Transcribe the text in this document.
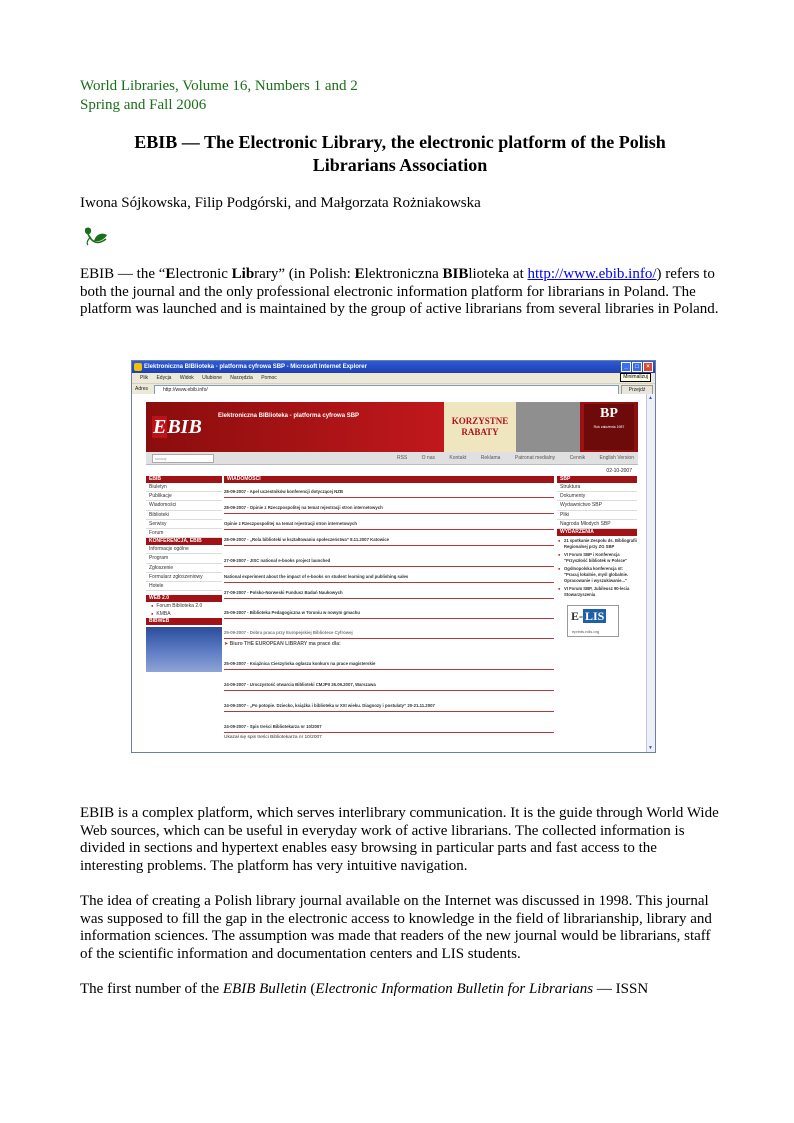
World Libraries, Volume 16, Numbers 1 and 2
Spring and Fall 2006
EBIB — The Electronic Library, the electronic platform of the Polish
Librarians Association
Iwona Sójkowska, Filip Podgórski, and Małgorzata Rożniakowska

EBIB — the “Electronic Library” (in Polish: Elektroniczna BIBlioteka at http://www.ebib.info/) refers to both the journal and the only professional electronic information platform for librarians in Poland. The platform was launched and is maintained by the group of active librarians from several libraries in Poland.

Elektroniczna BIBlioteka - platforma cyfrowa SBP - Microsoft Internet Explorer	_	□	×
Minimalizuj
Plik Edycja Widok Ulubione Narzędzia Pomoc
Adres	http://www.ebib.info/	Przejdź
EBIB	Elektroniczna BIBlioteka - platforma cyfrowa SBP	KORZYSTNE
RABATY
BP
Rok założenia 1987
szukaj	RSS	O nas	Kontakt	Reklama	Patronat medialny	Cennik	English Version
02-10-2007
EBIB
Biuletyn
Publikacje
Wiadomości
Biblioteki
Serwisy
Forum
KONFERENCJA, EBIB
Informacje ogólne
Program
Zgłoszenie
Formularz zgłoszeniowy
Hotele
WEB 2.0
● Forum Biblioteka 2.0
● KMBA
BIBWEB
WIADOMOŚCI
28-09-2007 - Apel uczestników konferencji dotyczącej NZB
28-09-2007 - Opinie z Rzeczpospolitej na temat rejestracji stron internetowych
Opinie z Rzeczpospolitej na temat rejestracji stron internetowych
28-09-2007 - „Rola biblioteki w kształtowaniu społeczeństwa” 8.11.2007 Katowice
27-09-2007 - JISC national e-books project launched
National experiment about the impact of e-books on student learning and publishing sales
27-09-2007 - Polsko-Norweski Fundusz Badań Naukowych
25-09-2007 - Biblioteka Pedagogiczna w Toruniu w nowym gmachu
25-09-2007 - Dobra praca przy Europejskiej Bibliotece Cyfrowej
➤ Biuro THE EUROPEAN LIBRARY ma prace dla:
25-09-2007 - Książnica Cieszyńska ogłasza konkurs na prace magisterskie
24-09-2007 - Uroczystość otwarcia Biblioteki CMJPII 26.09.2007, Warszawa
24-09-2007 - „Po potopie. Dziecko, książka i biblioteka w XXI wieku. Diagnozy i postulaty” 20-21.11.2007
24-09-2007 - Spis treści Bibliotekarza nr 10/2007
Ukazał się spis treści Bibliotekarza nr 10/2007
SBP
Struktura
Dokumenty
Wydawnictwo SBP
Pliki
Nagroda Młodych SBP
WYDARZENIA
● 21 spotkanie Zespołu ds. Bibliografii Regionalnej przy ZG SBP
● VI Forum SBP i Konferencja "Przyszłość bibliotek w Polsce"
● Ogólnopolska konferencja nt: "Pracuj lokalnie, myśl globalnie. Opracowanie i wyszukiwanie..."
● VI Forum SBP, Jubileusz 90-lecia Stowarzyszenia
E- LIS
eprints.rclis.org
▲
▼

EBIB is a complex platform, which serves interlibrary communication. It is the guide through World Wide Web sources, which can be useful in everyday work of active librarians. The collected information is divided in sections and hypertext enables easy browsing in particular parts and fast access to the interesting problems. The platform has very intuitive navigation.

The idea of creating a Polish library journal available on the Internet was discussed in 1998. This journal was supposed to fill the gap in the electronic access to knowledge in the field of librarianship, library and information sciences. The assumption was made that readers of the new journal would be librarians, staff of the scientific information and documentation centers and LIS students.

The first number of the EBIB Bulletin (Electronic Information Bulletin for Librarians — ISSN
